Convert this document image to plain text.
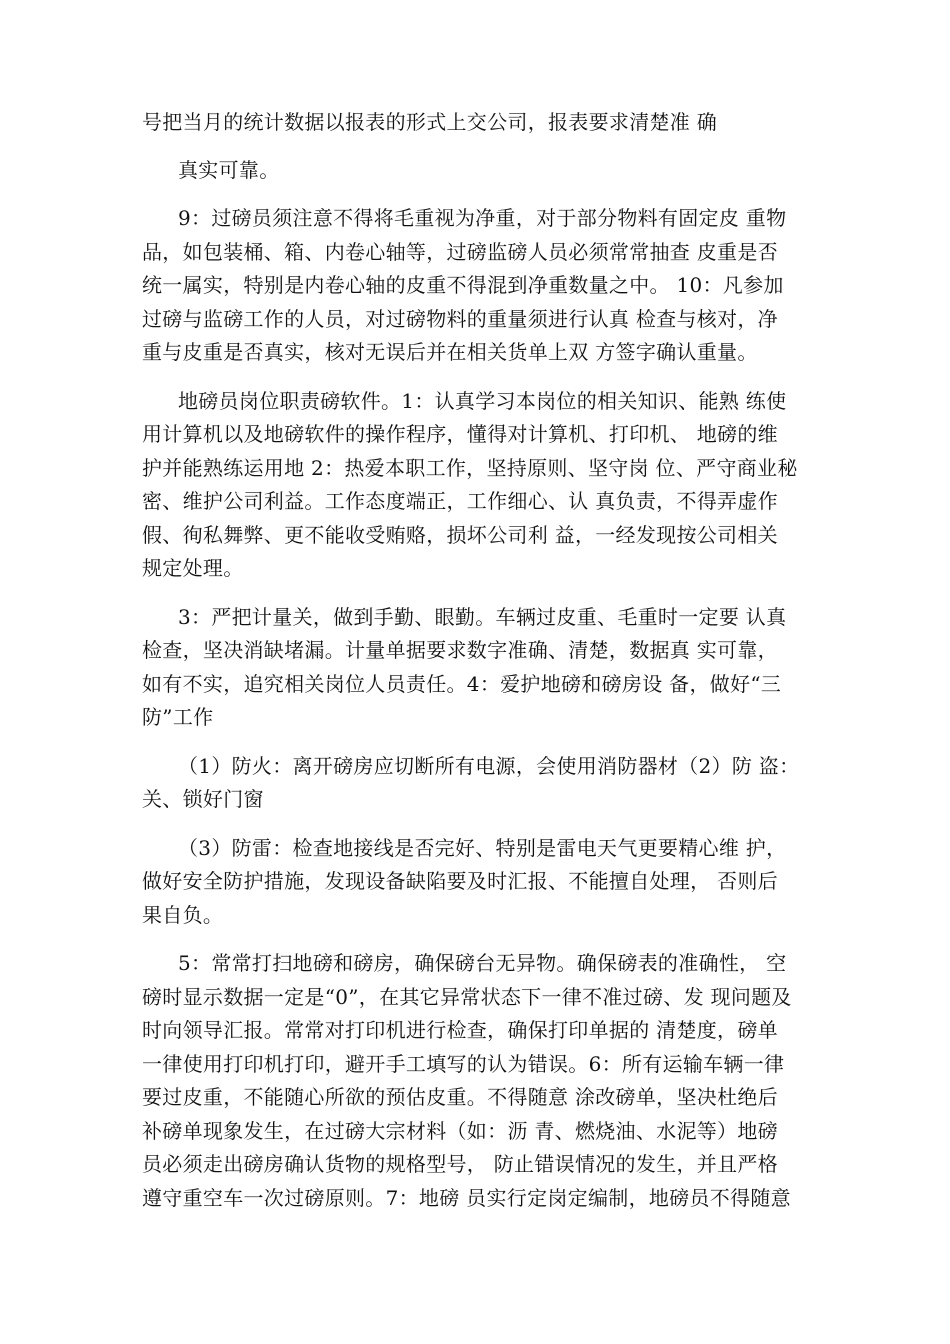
号把当月的统计数据以报表的形式上交公司，报表要求清楚准 确
真实可靠。
9：过磅员须注意不得将毛重视为净重，对于部分物料有固定皮 重物
品，如包装桶、箱、内卷心轴等，过磅监磅人员必须常常抽查 皮重是否
统一属实，特别是内卷心轴的皮重不得混到净重数量之中。 10：凡参加
过磅与监磅工作的人员，对过磅物料的重量须进行认真 检查与核对，净
重与皮重是否真实，核对无误后并在相关货单上双 方签字确认重量。
地磅员岗位职责磅软件。1：认真学习本岗位的相关知识、能熟 练使
用计算机以及地磅软件的操作程序，懂得对计算机、打印机、 地磅的维
护并能熟练运用地 2：热爱本职工作，坚持原则、坚守岗 位、严守商业秘
密、维护公司利益。工作态度端正，工作细心、认 真负责，不得弄虚作
假、徇私舞弊、更不能收受贿赂，损坏公司利 益，一经发现按公司相关
规定处理。
3：严把计量关，做到手勤、眼勤。车辆过皮重、毛重时一定要 认真
检查，坚决消缺堵漏。计量单据要求数字准确、清楚，数据真 实可靠，
如有不实，追究相关岗位人员责任。4：爱护地磅和磅房设 备，做好“三
防”工作
（1）防火：离开磅房应切断所有电源，会使用消防器材（2）防 盗：
关、锁好门窗
（3）防雷：检查地接线是否完好、特别是雷电天气更要精心维 护，
做好安全防护措施，发现设备缺陷要及时汇报、不能擅自处理， 否则后
果自负。
5：常常打扫地磅和磅房，确保磅台无异物。确保磅表的准确性， 空
磅时显示数据一定是“0”，在其它异常状态下一律不准过磅、发 现问题及
时向领导汇报。常常对打印机进行检查，确保打印单据的 清楚度，磅单
一律使用打印机打印，避开手工填写的认为错误。6：所有运输车辆一律
要过皮重，不能随心所欲的预估皮重。不得随意 涂改磅单，坚决杜绝后
补磅单现象发生，在过磅大宗材料（如：沥 青、燃烧油、水泥等）地磅
员必须走出磅房确认货物的规格型号， 防止错误情况的发生，并且严格
遵守重空车一次过磅原则。7：地磅 员实行定岗定编制，地磅员不得随意
